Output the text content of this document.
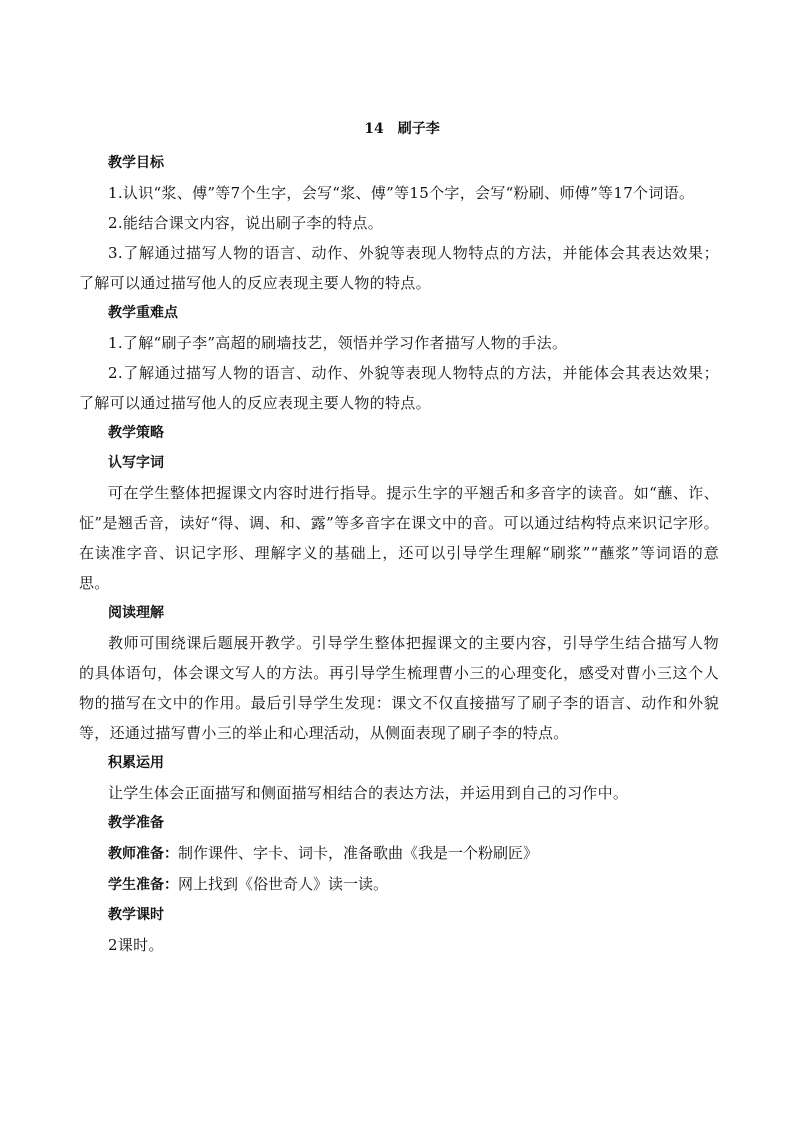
14　刷子李
教学目标

1.认识“浆、傅”等7个生字，会写“浆、傅”等15个字，会写“粉刷、师傅”等17个词语。

2.能结合课文内容，说出刷子李的特点。

3.了解通过描写人物的语言、动作、外貌等表现人物特点的方法，并能体会其表达效果；了解可以通过描写他人的反应表现主要人物的特点。

教学重难点

1.了解“刷子李”高超的刷墙技艺，领悟并学习作者描写人物的手法。

2.了解通过描写人物的语言、动作、外貌等表现人物特点的方法，并能体会其表达效果；了解可以通过描写他人的反应表现主要人物的特点。

教学策略
认写字词

可在学生整体把握课文内容时进行指导。提示生字的平翘舌和多音字的读音。如“蘸、诈、怔”是翘舌音，读好“得、调、和、露”等多音字在课文中的音。可以通过结构特点来识记字形。在读准字音、识记字形、理解字义的基础上，还可以引导学生理解“刷浆”“蘸浆”等词语的意思。

阅读理解

教师可围绕课后题展开教学。引导学生整体把握课文的主要内容，引导学生结合描写人物的具体语句，体会课文写人的方法。再引导学生梳理曹小三的心理变化，感受对曹小三这个人物的描写在文中的作用。最后引导学生发现：课文不仅直接描写了刷子李的语言、动作和外貌等，还通过描写曹小三的举止和心理活动，从侧面表现了刷子李的特点。

积累运用

让学生体会正面描写和侧面描写相结合的表达方法，并运用到自己的习作中。

教学准备
教师准备：制作课件、字卡、词卡，准备歌曲《我是一个粉刷匠》
学生准备：网上找到《俗世奇人》读一读。
教学课时

2课时。
